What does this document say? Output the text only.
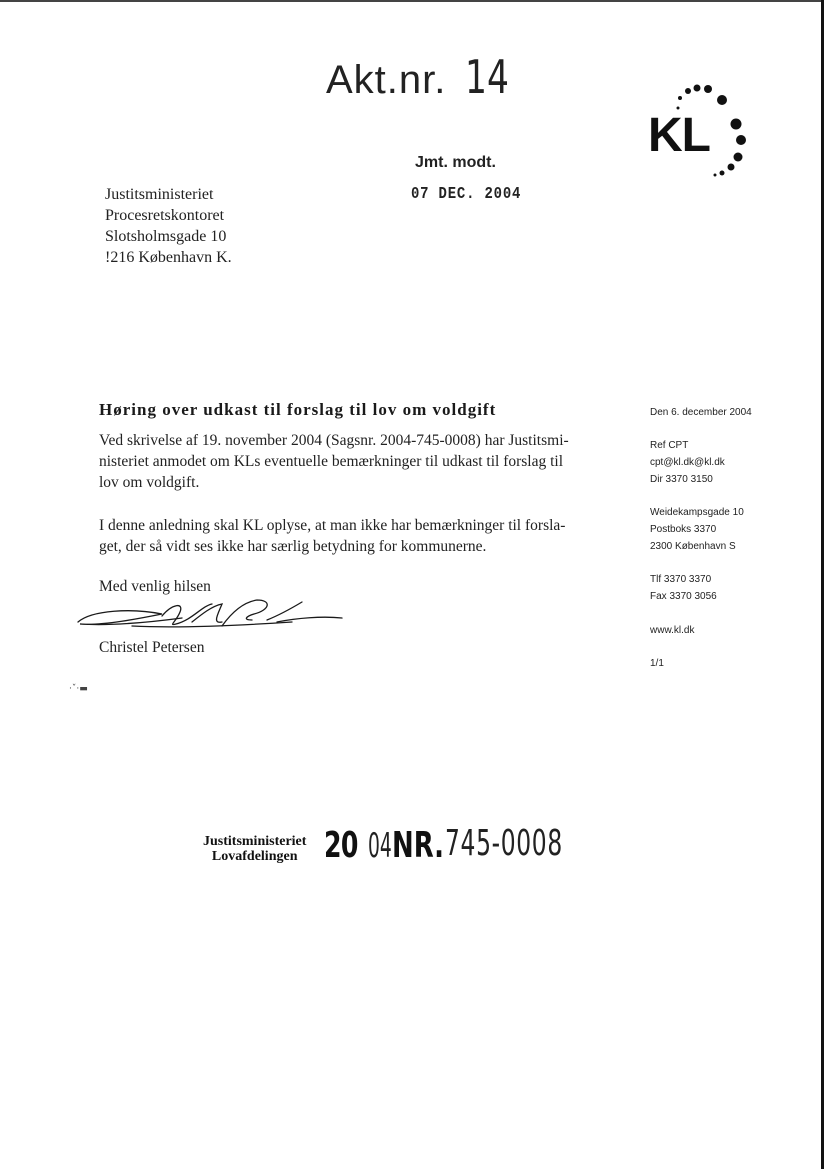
Akt.nr. 14
KL
Jmt. modt.
07 DEC. 2004
Justitsministeriet
Procesretskontoret
Slotsholmsgade 10
!216 København K.
Høring over udkast til forslag til lov om voldgift
Ved skrivelse af 19. november 2004 (Sagsnr. 2004-745-0008) har Justitsmi-
nisteriet anmodet om KLs eventuelle bemærkninger til udkast til forslag til
lov om voldgift.
I denne anledning skal KL oplyse, at man ikke har bemærkninger til forsla-
get, der så vidt ses ikke har særlig betydning for kommunerne.
Med venlig hilsen
Christel Petersen
·ˇ·▬
Den 6. december 2004
Ref CPT
cpt@kl.dk@kl.dk
Dir 3370 3150
Weidekampsgade 10
Postboks 3370
2300 København S
Tlf 3370 3370
Fax 3370 3056
www.kl.dk
1/1
Justitsministeriet
Lovafdelingen 20 04 NR. 745-0008
